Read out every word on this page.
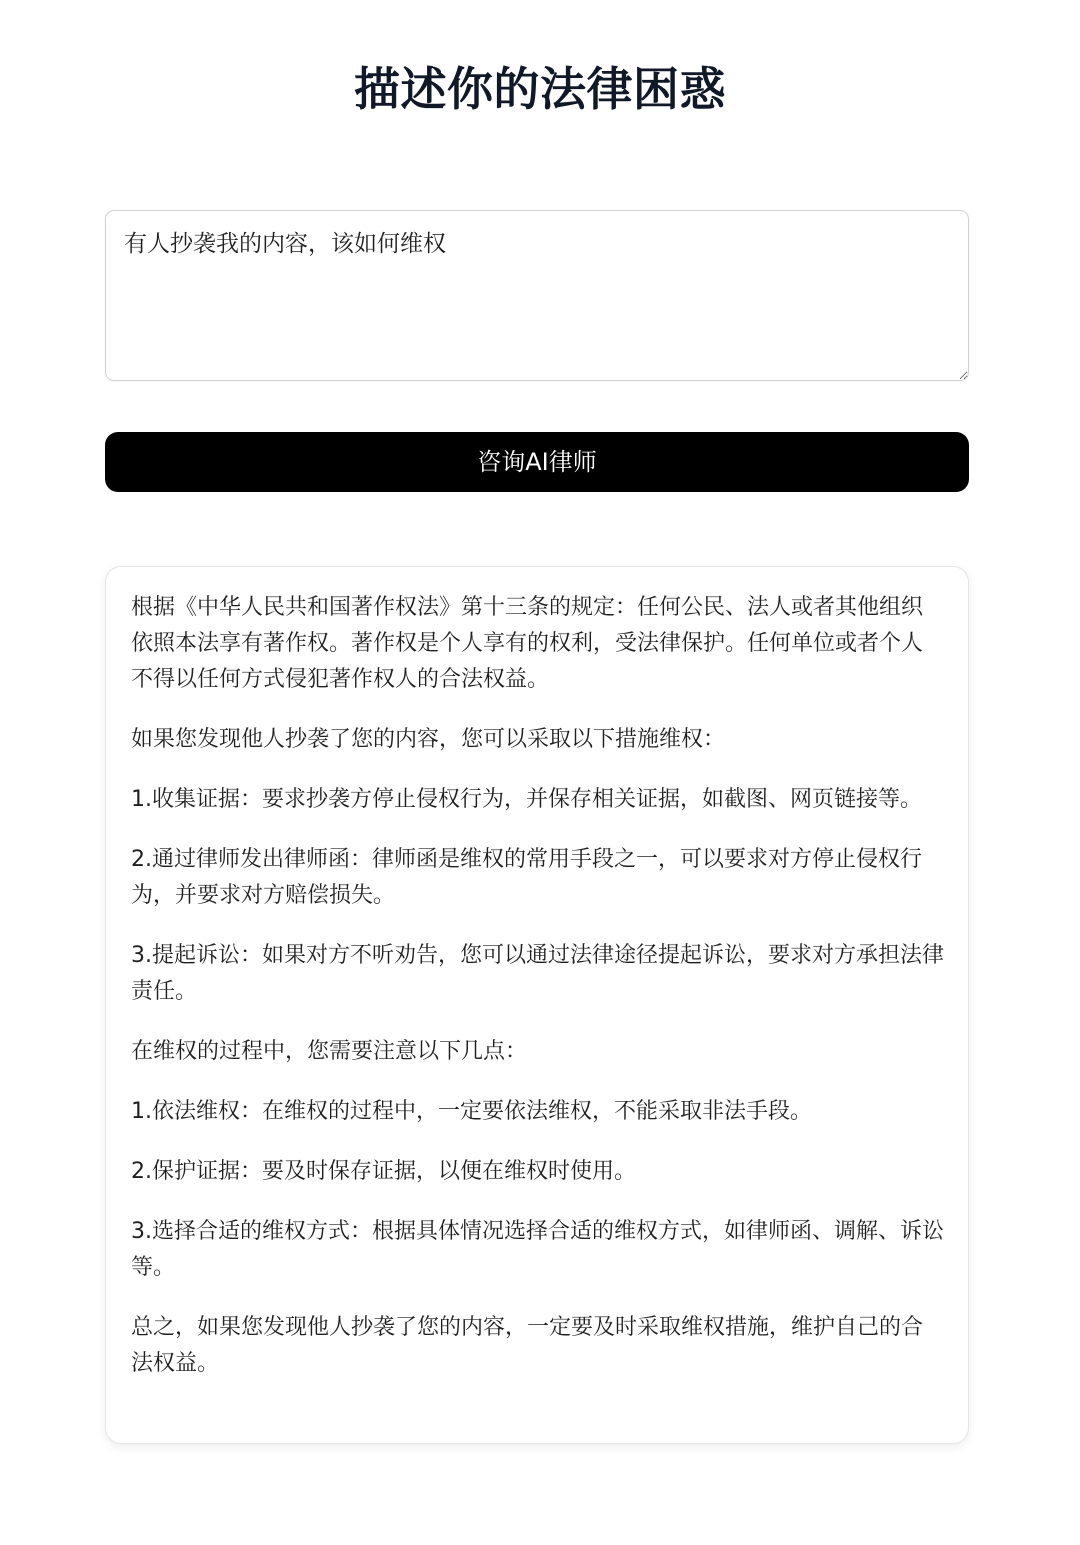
描述你的法律困惑
有人抄袭我的内容，该如何维权
咨询AI律师

根据《中华人民共和国著作权法》第十三条的规定：任何公民、法人或者其他组织依照本法享有著作权。著作权是个人享有的权利，受法律保护。任何单位或者个人不得以任何方式侵犯著作权人的合法权益。

如果您发现他人抄袭了您的内容，您可以采取以下措施维权：

1.收集证据：要求抄袭方停止侵权行为，并保存相关证据，如截图、网页链接等。

2.通过律师发出律师函：律师函是维权的常用手段之一，可以要求对方停止侵权行为，并要求对方赔偿损失。

3.提起诉讼：如果对方不听劝告，您可以通过法律途径提起诉讼，要求对方承担法律责任。

在维权的过程中，您需要注意以下几点：

1.依法维权：在维权的过程中，一定要依法维权，不能采取非法手段。

2.保护证据：要及时保存证据，以便在维权时使用。

3.选择合适的维权方式：根据具体情况选择合适的维权方式，如律师函、调解、诉讼等。

总之，如果您发现他人抄袭了您的内容，一定要及时采取维权措施，维护自己的合法权益。
